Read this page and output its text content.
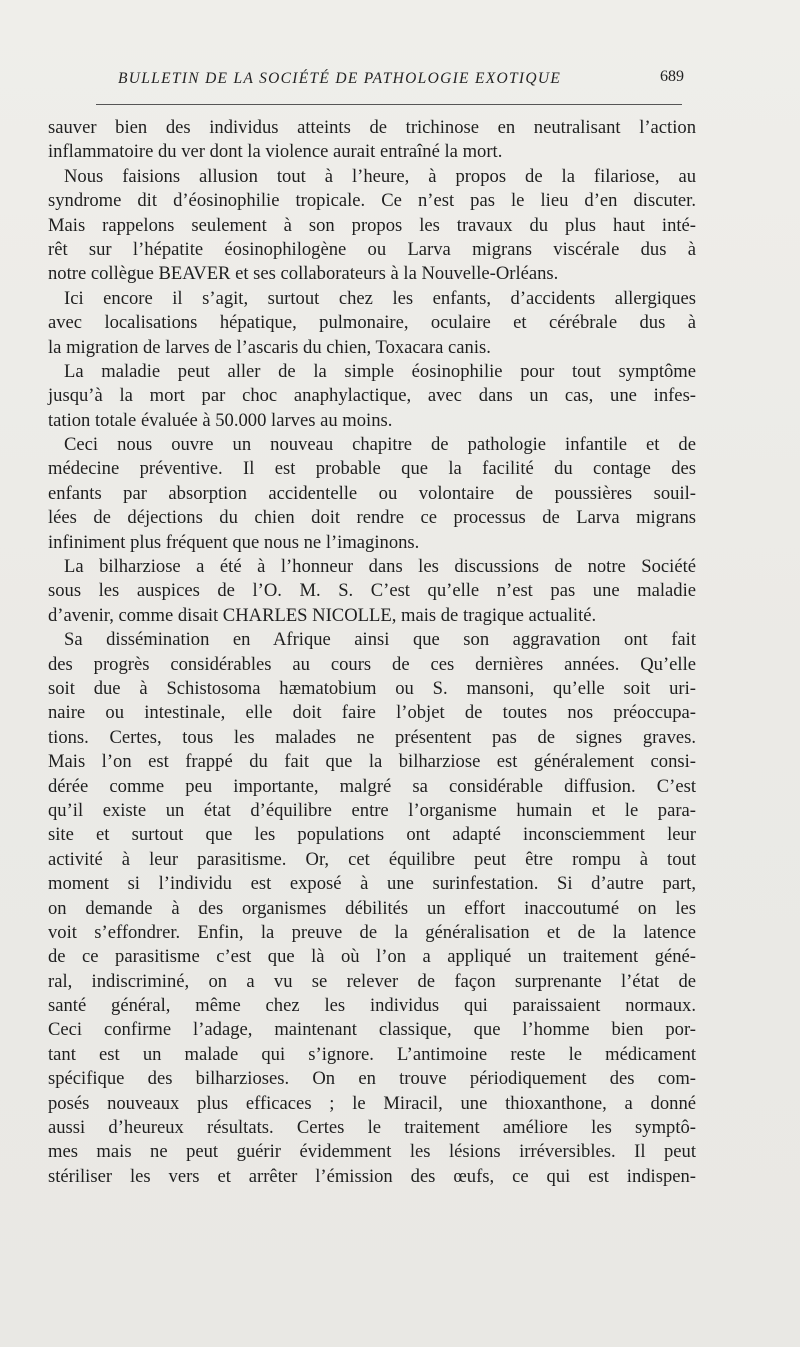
BULLETIN DE LA SOCIÉTÉ DE PATHOLOGIE EXOTIQUE	689
sauver bien des individus atteints de trichinose en neutralisant l’action
inflammatoire du ver dont la violence aurait entraîné la mort.
Nous faisions allusion tout à l’heure, à propos de la filariose, au
syndrome dit d’éosinophilie tropicale. Ce n’est pas le lieu d’en discuter.
Mais rappelons seulement à son propos les travaux du plus haut inté-
rêt sur l’hépatite éosinophilogène ou Larva migrans viscérale dus à
notre collègue BEAVER et ses collaborateurs à la Nouvelle-Orléans.
Ici encore il s’agit, surtout chez les enfants, d’accidents allergiques
avec localisations hépatique, pulmonaire, oculaire et cérébrale dus à
la migration de larves de l’ascaris du chien, Toxacara canis.
La maladie peut aller de la simple éosinophilie pour tout symptôme
jusqu’à la mort par choc anaphylactique, avec dans un cas, une infes-
tation totale évaluée à 50.000 larves au moins.
Ceci nous ouvre un nouveau chapitre de pathologie infantile et de
médecine préventive. Il est probable que la facilité du contage des
enfants par absorption accidentelle ou volontaire de poussières souil-
lées de déjections du chien doit rendre ce processus de Larva migrans
infiniment plus fréquent que nous ne l’imaginons.
La bilharziose a été à l’honneur dans les discussions de notre Société
sous les auspices de l’O. M. S. C’est qu’elle n’est pas une maladie
d’avenir, comme disait CHARLES NICOLLE, mais de tragique actualité.
Sa dissémination en Afrique ainsi que son aggravation ont fait
des progrès considérables au cours de ces dernières années. Qu’elle
soit due à Schistosoma hæmatobium ou S. mansoni, qu’elle soit uri-
naire ou intestinale, elle doit faire l’objet de toutes nos préoccupa-
tions. Certes, tous les malades ne présentent pas de signes graves.
Mais l’on est frappé du fait que la bilharziose est généralement consi-
dérée comme peu importante, malgré sa considérable diffusion. C’est
qu’il existe un état d’équilibre entre l’organisme humain et le para-
site et surtout que les populations ont adapté inconsciemment leur
activité à leur parasitisme. Or, cet équilibre peut être rompu à tout
moment si l’individu est exposé à une surinfestation. Si d’autre part,
on demande à des organismes débilités un effort inaccoutumé on les
voit s’effondrer. Enfin, la preuve de la généralisation et de la latence
de ce parasitisme c’est que là où l’on a appliqué un traitement géné-
ral, indiscriminé, on a vu se relever de façon surprenante l’état de
santé général, même chez les individus qui paraissaient normaux.
Ceci confirme l’adage, maintenant classique, que l’homme bien por-
tant est un malade qui s’ignore. L’antimoine reste le médicament
spécifique des bilharzioses. On en trouve périodiquement des com-
posés nouveaux plus efficaces ; le Miracil, une thioxanthone, a donné
aussi d’heureux résultats. Certes le traitement améliore les symptô-
mes mais ne peut guérir évidemment les lésions irréversibles. Il peut
stériliser les vers et arrêter l’émission des œufs, ce qui est indispen-
